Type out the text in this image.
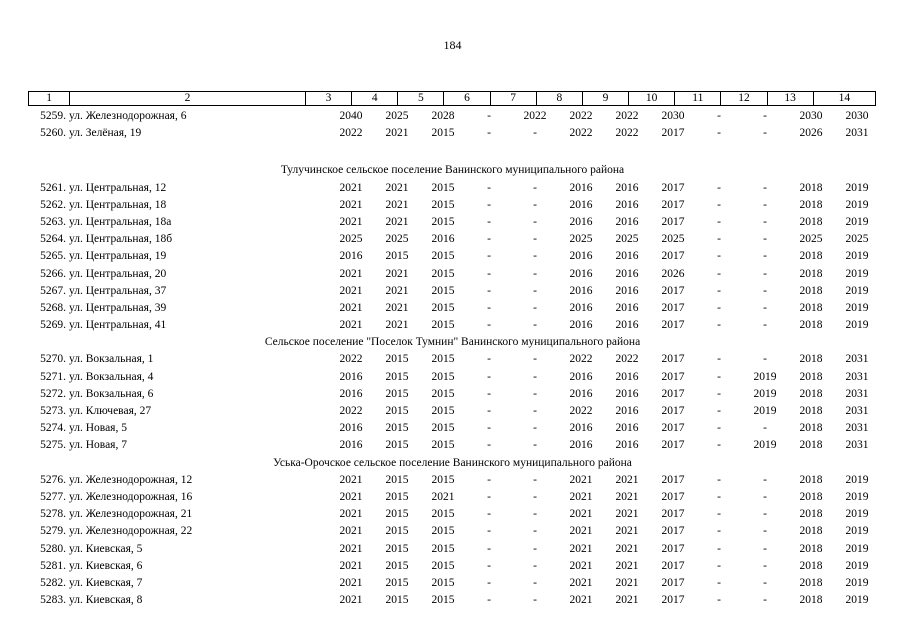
184
1	2	3	4	5	6	7	8	9	10	11	12	13	14
5259. ул. Железнодорожная, 6	2040	2025	2028	-	2022	2022	2022	2030	-	-	2030	2030
5260. ул. Зелёная, 19	2022	2021	2015	-	-	2022	2022	2017	-	-	2026	2031
Тулучинское сельское поселение Ванинского муниципального района
5261. ул. Центральная, 12	2021	2021	2015	-	-	2016	2016	2017	-	-	2018	2019
5262. ул. Центральная, 18	2021	2021	2015	-	-	2016	2016	2017	-	-	2018	2019
5263. ул. Центральная, 18а	2021	2021	2015	-	-	2016	2016	2017	-	-	2018	2019
5264. ул. Центральная, 18б	2025	2025	2016	-	-	2025	2025	2025	-	-	2025	2025
5265. ул. Центральная, 19	2016	2015	2015	-	-	2016	2016	2017	-	-	2018	2019
5266. ул. Центральная, 20	2021	2021	2015	-	-	2016	2016	2026	-	-	2018	2019
5267. ул. Центральная, 37	2021	2021	2015	-	-	2016	2016	2017	-	-	2018	2019
5268. ул. Центральная, 39	2021	2021	2015	-	-	2016	2016	2017	-	-	2018	2019
5269. ул. Центральная, 41	2021	2021	2015	-	-	2016	2016	2017	-	-	2018	2019
Сельское поселение "Поселок Тумнин" Ванинского муниципального района
5270. ул. Вокзальная, 1	2022	2015	2015	-	-	2022	2022	2017	-	-	2018	2031
5271. ул. Вокзальная, 4	2016	2015	2015	-	-	2016	2016	2017	-	2019	2018	2031
5272. ул. Вокзальная, 6	2016	2015	2015	-	-	2016	2016	2017	-	2019	2018	2031
5273. ул. Ключевая, 27	2022	2015	2015	-	-	2022	2016	2017	-	2019	2018	2031
5274. ул. Новая, 5	2016	2015	2015	-	-	2016	2016	2017	-	-	2018	2031
5275. ул. Новая, 7	2016	2015	2015	-	-	2016	2016	2017	-	2019	2018	2031
Уська-Орочское сельское поселение Ванинского муниципального района
5276. ул. Железнодорожная, 12	2021	2015	2015	-	-	2021	2021	2017	-	-	2018	2019
5277. ул. Железнодорожная, 16	2021	2015	2021	-	-	2021	2021	2017	-	-	2018	2019
5278. ул. Железнодорожная, 21	2021	2015	2015	-	-	2021	2021	2017	-	-	2018	2019
5279. ул. Железнодорожная, 22	2021	2015	2015	-	-	2021	2021	2017	-	-	2018	2019
5280. ул. Киевская, 5	2021	2015	2015	-	-	2021	2021	2017	-	-	2018	2019
5281. ул. Киевская, 6	2021	2015	2015	-	-	2021	2021	2017	-	-	2018	2019
5282. ул. Киевская, 7	2021	2015	2015	-	-	2021	2021	2017	-	-	2018	2019
5283. ул. Киевская, 8	2021	2015	2015	-	-	2021	2021	2017	-	-	2018	2019
